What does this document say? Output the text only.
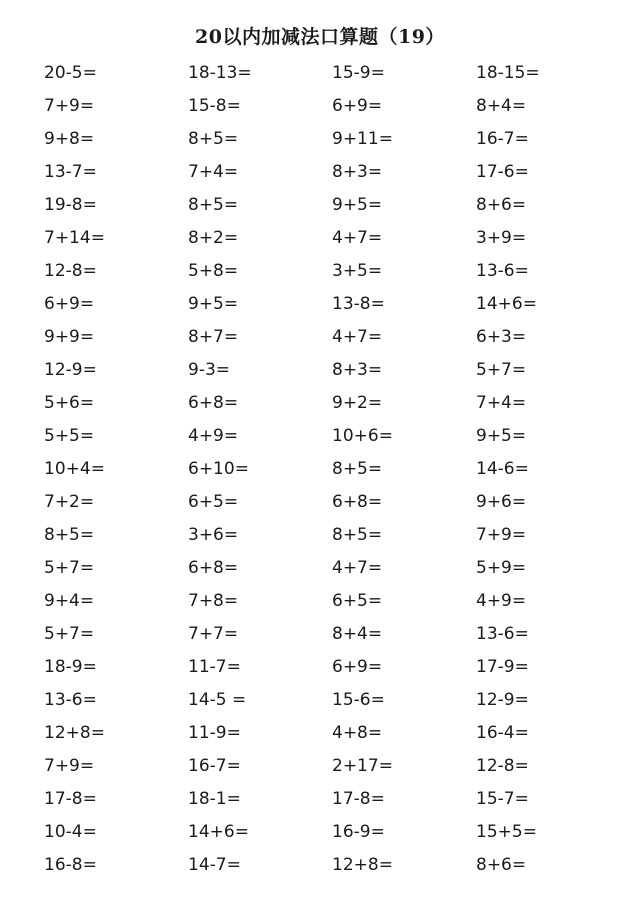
20以内加减法口算题（19）
20-5=	18-13=	15-9=	18-15=
7+9=	15-8=	6+9=	8+4=
9+8=	8+5=	9+11=	16-7=
13-7=	7+4=	8+3=	17-6=
19-8=	8+5=	9+5=	8+6=
7+14=	8+2=	4+7=	3+9=
12-8=	5+8=	3+5=	13-6=
6+9=	9+5=	13-8=	14+6=
9+9=	8+7=	4+7=	6+3=
12-9=	9-3=	8+3=	5+7=
5+6=	6+8=	9+2=	7+4=
5+5=	4+9=	10+6=	9+5=
10+4=	6+10=	8+5=	14-6=
7+2=	6+5=	6+8=	9+6=
8+5=	3+6=	8+5=	7+9=
5+7=	6+8=	4+7=	5+9=
9+4=	7+8=	6+5=	4+9=
5+7=	7+7=	8+4=	13-6=
18-9=	11-7=	6+9=	17-9=
13-6=	14-5 =	15-6=	12-9=
12+8=	11-9=	4+8=	16-4=
7+9=	16-7=	2+17=	12-8=
17-8=	18-1=	17-8=	15-7=
10-4=	14+6=	16-9=	15+5=
16-8=	14-7=	12+8=	8+6=
